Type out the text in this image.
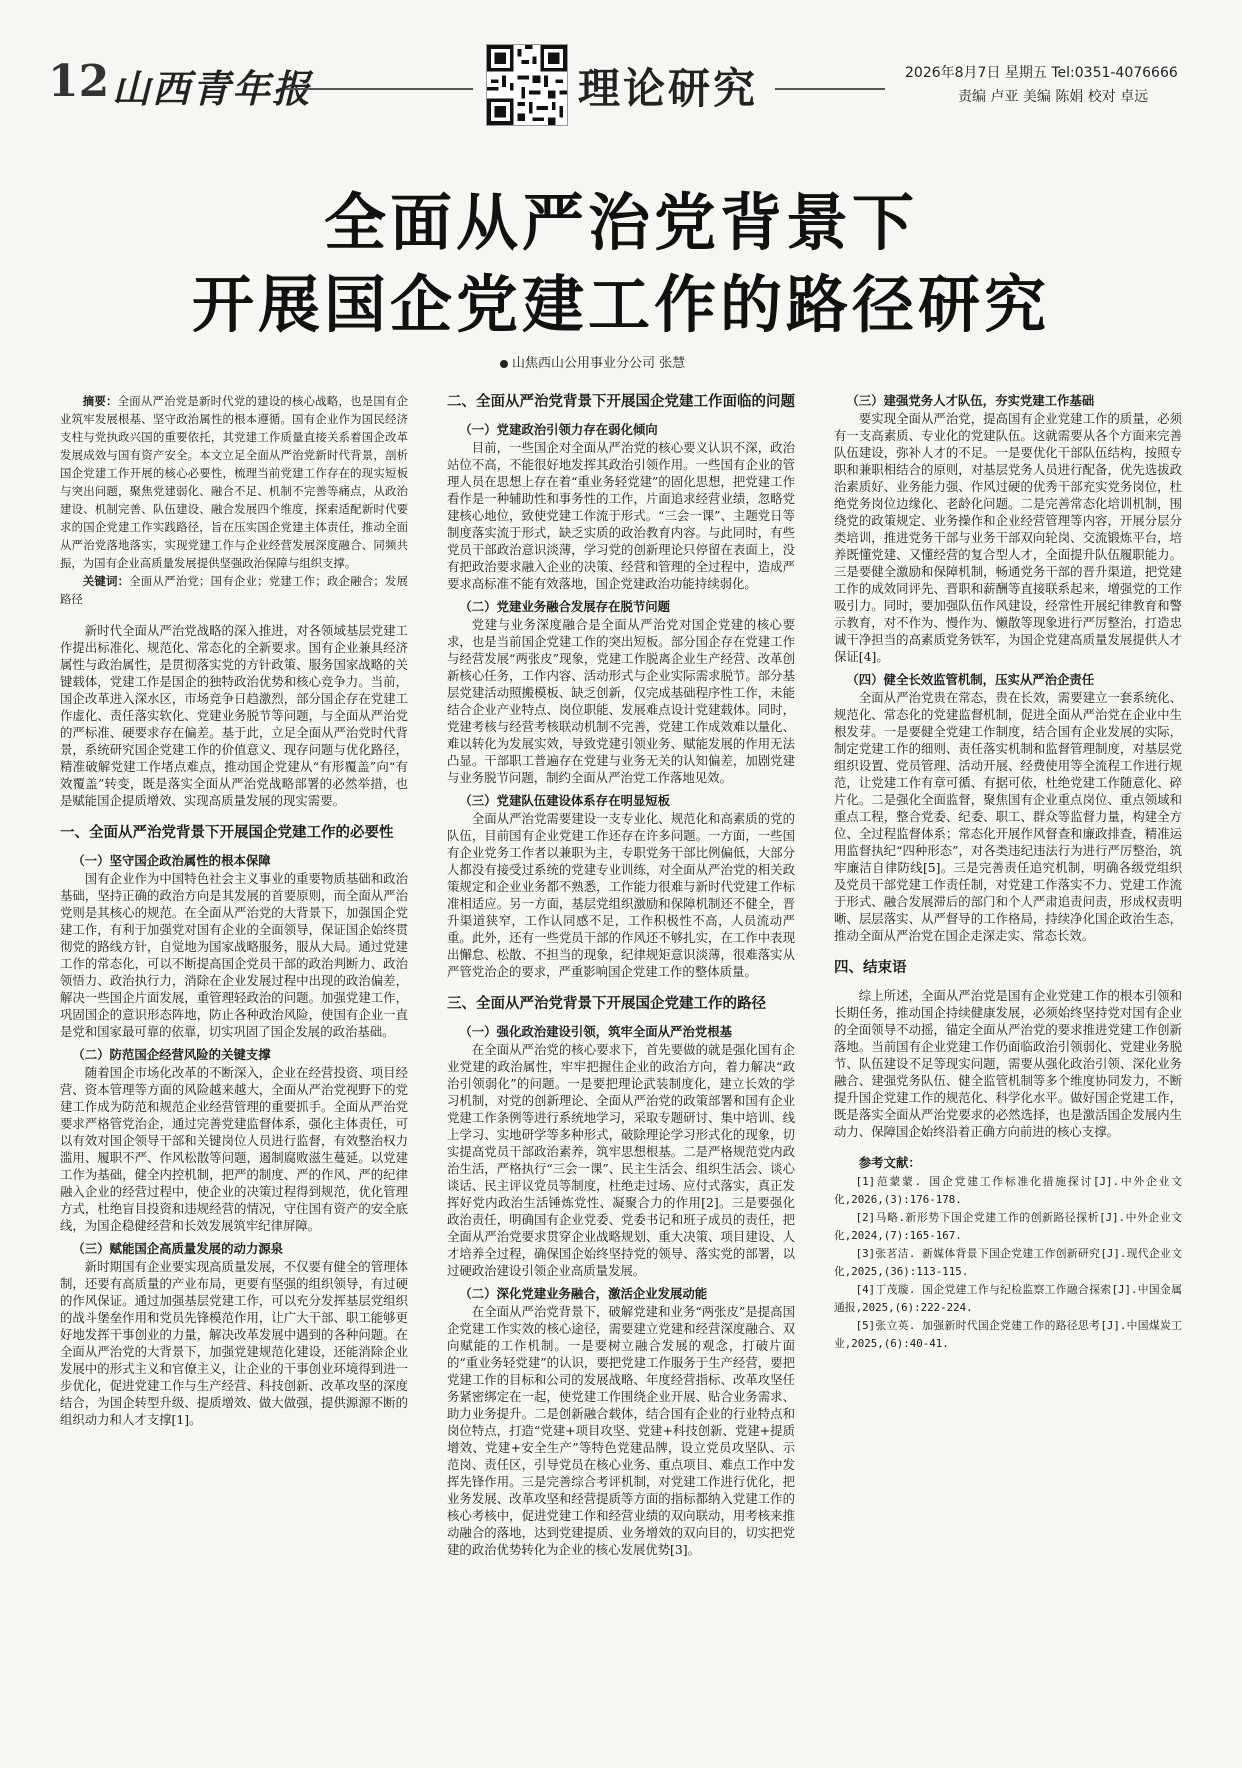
12 山西青年报	理论研究	2026年8月7日 星期五 Tel:0351-4076666
责编 卢亚 美编 陈娟 校对 卓远
全面从严治党背景下
开展国企党建工作的路径研究
山焦西山公用事业分公司 张慧

摘要：全面从严治党是新时代党的建设的核心战略，也是国有企业筑牢发展根基、坚守政治属性的根本遵循。国有企业作为国民经济支柱与党执政兴国的重要依托，其党建工作质量直接关系着国企改革发展成效与国有资产安全。本文立足全面从严治党新时代背景，剖析国企党建工作开展的核心必要性，梳理当前党建工作存在的现实短板与突出问题，聚焦党建弱化、融合不足、机制不完善等痛点，从政治建设、机制完善、队伍建设、融合发展四个维度，探索适配新时代要求的国企党建工作实践路径，旨在压实国企党建主体责任，推动全面从严治党落地落实，实现党建工作与企业经营发展深度融合、同频共振，为国有企业高质量发展提供坚强政治保障与组织支撑。

关键词：全面从严治党；国有企业；党建工作；政企融合；发展路径

新时代全面从严治党战略的深入推进，对各领域基层党建工作提出标准化、规范化、常态化的全新要求。国有企业兼具经济属性与政治属性，是贯彻落实党的方针政策、服务国家战略的关键载体，党建工作是国企的独特政治优势和核心竞争力。当前，国企改革进入深水区，市场竞争日趋激烈，部分国企存在党建工作虚化、责任落实软化、党建业务脱节等问题，与全面从严治党的严标准、硬要求存在偏差。基于此，立足全面从严治党时代背景，系统研究国企党建工作的价值意义、现存问题与优化路径，精准破解党建工作堵点难点，推动国企党建从“有形覆盖”向“有效覆盖”转变，既是落实全面从严治党战略部署的必然举措，也是赋能国企提质增效、实现高质量发展的现实需要。

一、全面从严治党背景下开展国企党建工作的必要性
（一）坚守国企政治属性的根本保障

国有企业作为中国特色社会主义事业的重要物质基础和政治基础，坚持正确的政治方向是其发展的首要原则，而全面从严治党则是其核心的规范。在全面从严治党的大背景下，加强国企党建工作，有利于加强党对国有企业的全面领导，保证国企始终贯彻党的路线方针，自觉地为国家战略服务，服从大局。通过党建工作的常态化，可以不断提高国企党员干部的政治判断力、政治领悟力、政治执行力，消除在企业发展过程中出现的政治偏差，解决一些国企片面发展，重管理轻政治的问题。加强党建工作，巩固国企的意识形态阵地，防止各种政治风险，使国有企业一直是党和国家最可靠的依靠，切实巩固了国企发展的政治基础。

（二）防范国企经营风险的关键支撑

随着国企市场化改革的不断深入，企业在经营投资、项目经营、资本管理等方面的风险越来越大，全面从严治党视野下的党建工作成为防范和规范企业经营管理的重要抓手。全面从严治党要求严格管党治企，通过完善党建监督体系，强化主体责任，可以有效对国企领导干部和关键岗位人员进行监督，有效整治权力滥用、履职不严、作风松散等问题，遏制腐败滋生蔓延。以党建工作为基础，健全内控机制，把严的制度、严的作风、严的纪律融入企业的经营过程中，使企业的决策过程得到规范，优化管理方式，杜绝盲目投资和违规经营的情况，守住国有资产的安全底线，为国企稳健经营和长效发展筑牢纪律屏障。

（三）赋能国企高质量发展的动力源泉

新时期国有企业要实现高质量发展，不仅要有健全的管理体制，还要有高质量的产业布局，更要有坚强的组织领导，有过硬的作风保证。通过加强基层党建工作，可以充分发挥基层党组织的战斗堡垒作用和党员先锋模范作用，让广大干部、职工能够更好地发挥干事创业的力量，解决改革发展中遇到的各种问题。在全面从严治党的大背景下，加强党建规范化建设，还能消除企业发展中的形式主义和官僚主义，让企业的干事创业环境得到进一步优化，促进党建工作与生产经营、科技创新、改革攻坚的深度结合，为国企转型升级、提质增效、做大做强，提供源源不断的组织动力和人才支撑[1]。

二、全面从严治党背景下开展国企党建工作面临的问题
（一）党建政治引领力存在弱化倾向

目前，一些国企对全面从严治党的核心要义认识不深，政治站位不高，不能很好地发挥其政治引领作用。一些国有企业的管理人员在思想上存在着“重业务轻党建”的固化思想，把党建工作看作是一种辅助性和事务性的工作，片面追求经营业绩，忽略党建核心地位，致使党建工作流于形式。“三会一课”、主题党日等制度落实流于形式，缺乏实质的政治教育内容。与此同时，有些党员干部政治意识淡薄，学习党的创新理论只停留在表面上，没有把政治要求融入企业的决策、经营和管理的全过程中，造成严要求高标准不能有效落地，国企党建政治功能持续弱化。

（二）党建业务融合发展存在脱节问题

党建与业务深度融合是全面从严治党对国企党建的核心要求，也是当前国企党建工作的突出短板。部分国企存在党建工作与经营发展“两张皮”现象，党建工作脱离企业生产经营、改革创新核心任务，工作内容、活动形式与企业实际需求脱节。部分基层党建活动照搬模板、缺乏创新，仅完成基础程序性工作，未能结合企业产业特点、岗位职能、发展难点设计党建载体。同时，党建考核与经营考核联动机制不完善，党建工作成效难以量化、难以转化为发展实效，导致党建引领业务、赋能发展的作用无法凸显。干部职工普遍存在党建与业务无关的认知偏差，加剧党建与业务脱节问题，制约全面从严治党工作落地见效。

（三）党建队伍建设体系存在明显短板

全面从严治党需要建设一支专业化、规范化和高素质的党的队伍，目前国有企业党建工作还存在许多问题。一方面，一些国有企业党务工作者以兼职为主，专职党务干部比例偏低，大部分人都没有接受过系统的党建专业训练，对全面从严治党的相关政策规定和企业业务都不熟悉，工作能力很难与新时代党建工作标准相适应。另一方面，基层党组织激励和保障机制还不健全，晋升渠道狭窄，工作认同感不足，工作积极性不高，人员流动严重。此外，还有一些党员干部的作风还不够扎实，在工作中表现出懈怠、松散、不担当的现象，纪律规矩意识淡薄，很难落实从严管党治企的要求，严重影响国企党建工作的整体质量。

三、全面从严治党背景下开展国企党建工作的路径
（一）强化政治建设引领，筑牢全面从严治党根基

在全面从严治党的核心要求下，首先要做的就是强化国有企业党建的政治属性，牢牢把握住企业的政治方向，着力解决“政治引领弱化”的问题。一是要把理论武装制度化，建立长效的学习机制，对党的创新理论、全面从严治党的政策部署和国有企业党建工作条例等进行系统地学习，采取专题研讨、集中培训、线上学习、实地研学等多种形式，破除理论学习形式化的现象，切实提高党员干部政治素养，筑牢思想根基。二是严格规范党内政治生活，严格执行“三会一课”、民主生活会、组织生活会、谈心谈话、民主评议党员等制度，杜绝走过场、应付式落实，真正发挥好党内政治生活锤炼党性、凝聚合力的作用[2]。三是要强化政治责任，明确国有企业党委、党委书记和班子成员的责任，把全面从严治党要求贯穿企业战略规划、重大决策、项目建设、人才培养全过程，确保国企始终坚持党的领导、落实党的部署，以过硬政治建设引领企业高质量发展。

（二）深化党建业务融合，激活企业发展动能

在全面从严治党背景下，破解党建和业务“两张皮”是提高国企党建工作实效的核心途径，需要建立党建和经营深度融合、双向赋能的工作机制。一是要树立融合发展的观念，打破片面的“重业务轻党建”的认识，要把党建工作服务于生产经营，要把党建工作的目标和公司的发展战略、年度经营指标、改革攻坚任务紧密绑定在一起，使党建工作围绕企业开展、贴合业务需求、助力业务提升。二是创新融合载体，结合国有企业的行业特点和岗位特点，打造“党建+项目攻坚、党建+科技创新、党建+提质增效、党建+安全生产”等特色党建品牌，设立党员攻坚队、示范岗、责任区，引导党员在核心业务、重点项目、难点工作中发挥先锋作用。三是完善综合考评机制，对党建工作进行优化，把业务发展、改革攻坚和经营提质等方面的指标都纳入党建工作的核心考核中，促进党建工作和经营业绩的双向联动，用考核来推动融合的落地，达到党建提质、业务增效的双向目的，切实把党建的政治优势转化为企业的核心发展优势[3]。

（三）建强党务人才队伍，夯实党建工作基础

要实现全面从严治党，提高国有企业党建工作的质量，必须有一支高素质、专业化的党建队伍。这就需要从各个方面来完善队伍建设，弥补人才的不足。一是要优化干部队伍结构，按照专职和兼职相结合的原则，对基层党务人员进行配备，优先选拔政治素质好、业务能力强、作风过硬的优秀干部充实党务岗位，杜绝党务岗位边缘化、老龄化问题。二是完善常态化培训机制，围绕党的政策规定、业务操作和企业经营管理等内容，开展分层分类培训，推进党务干部与业务干部双向轮岗、交流锻炼平台，培养既懂党建、又懂经营的复合型人才，全面提升队伍履职能力。三是要健全激励和保障机制，畅通党务干部的晋升渠道，把党建工作的成效同评先、晋职和薪酬等直接联系起来，增强党的工作吸引力。同时，要加强队伍作风建设，经常性开展纪律教育和警示教育，对不作为、慢作为、懒散等现象进行严厉整治，打造忠诚干净担当的高素质党务铁军，为国企党建高质量发展提供人才保证[4]。

（四）健全长效监管机制，压实从严治企责任

全面从严治党贵在常态，贵在长效，需要建立一套系统化、规范化、常态化的党建监督机制，促进全面从严治党在企业中生根发芽。一是要健全党建工作制度，结合国有企业发展的实际，制定党建工作的细则、责任落实机制和监督管理制度，对基层党组织设置、党员管理、活动开展、经费使用等全流程工作进行规范，让党建工作有章可循、有据可依，杜绝党建工作随意化、碎片化。二是强化全面监督，聚焦国有企业重点岗位、重点领域和重点工程，整合党委、纪委、职工、群众等监督力量，构建全方位、全过程监督体系；常态化开展作风督查和廉政排查，精准运用监督执纪“四种形态”，对各类违纪违法行为进行严厉整治，筑牢廉洁自律防线[5]。三是完善责任追究机制，明确各级党组织及党员干部党建工作责任制，对党建工作落实不力、党建工作流于形式、融合发展滞后的部门和个人严肃追责问责，形成权责明晰、层层落实、从严督导的工作格局，持续净化国企政治生态，推动全面从严治党在国企走深走实、常态长效。

四、结束语

综上所述，全面从严治党是国有企业党建工作的根本引领和长期任务，推动国企持续健康发展，必须始终坚持党对国有企业的全面领导不动摇，锚定全面从严治党的要求推进党建工作创新落地。当前国有企业党建工作仍面临政治引领弱化、党建业务脱节、队伍建设不足等现实问题，需要从强化政治引领、深化业务融合、建强党务队伍、健全监管机制等多个维度协同发力，不断提升国企党建工作的规范化、科学化水平。做好国企党建工作，既是落实全面从严治党要求的必然选择，也是激活国企发展内生动力、保障国企始终沿着正确方向前进的核心支撑。

参考文献：

[1]范蒙蒙. 国企党建工作标准化措施探讨[J].中外企业文化,2026,(3):176-178.

[2]马略.新形势下国企党建工作的创新路径探析[J].中外企业文化,2024,(7):165-167.

[3]张茗洁. 新媒体背景下国企党建工作创新研究[J].现代企业文化,2025,(36):113-115.

[4]丁茂璇. 国企党建工作与纪检监察工作融合探索[J].中国金属通报,2025,(6):222-224.

[5]张立英. 加强新时代国企党建工作的路径思考[J].中国煤炭工业,2025,(6):40-41.
